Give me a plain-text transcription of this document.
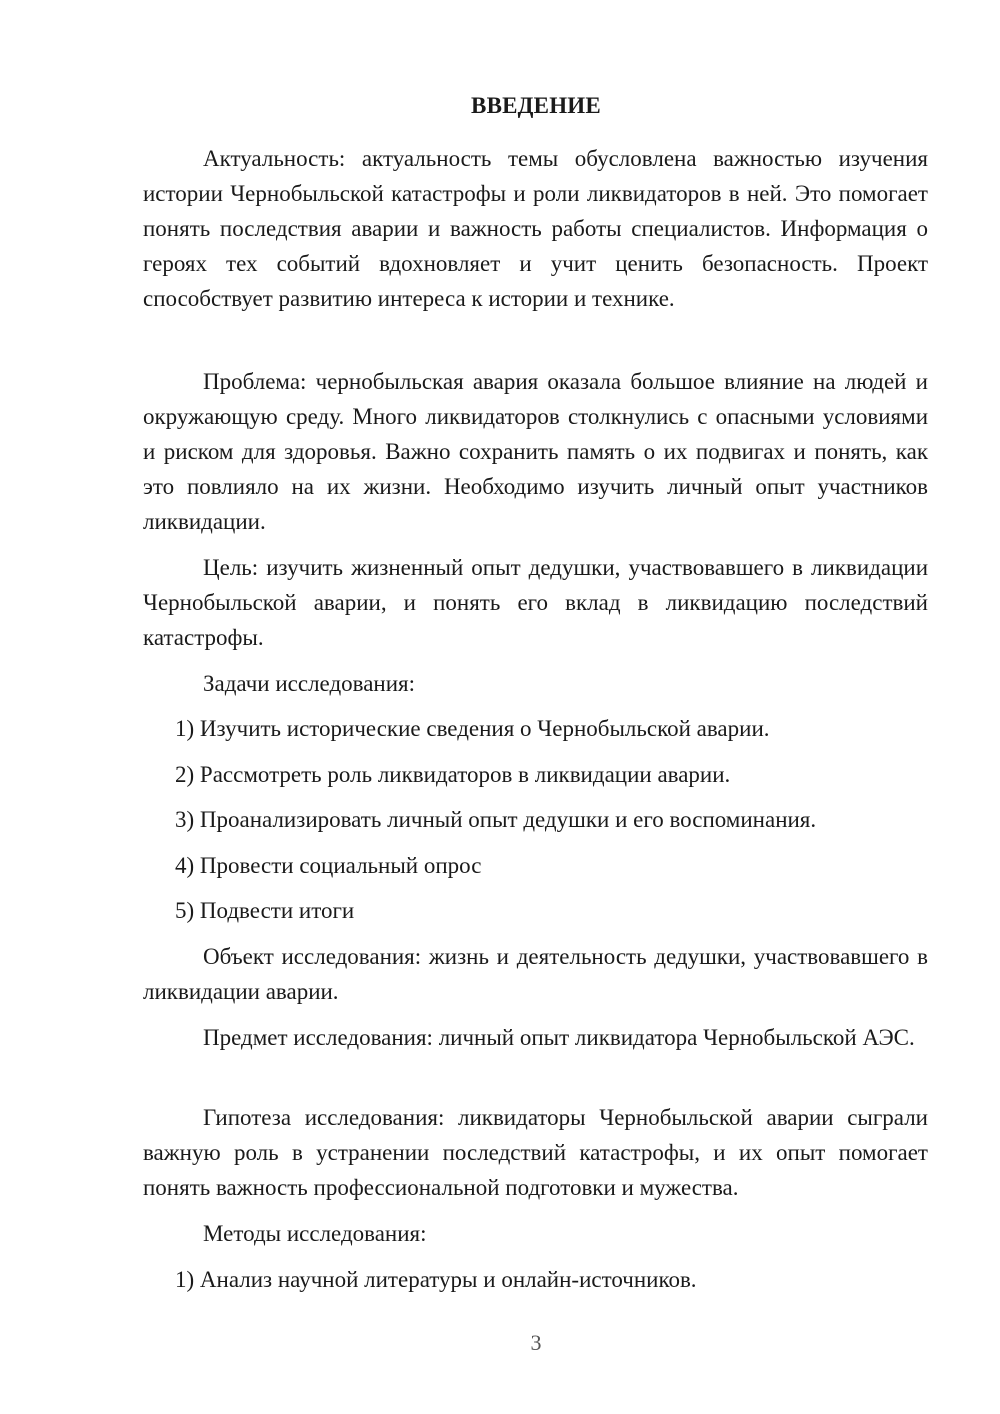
ВВЕДЕНИЕ

Актуальность: актуальность темы обусловлена важностью изучения истории Чернобыльской катастрофы и роли ликвидаторов в ней. Это помогает понять последствия аварии и важность работы специалистов. Информация о героях тех событий вдохновляет и учит ценить безопасность. Проект способствует развитию интереса к истории и технике.

Проблема: чернобыльская авария оказала большое влияние на людей и окружающую среду. Много ликвидаторов столкнулись с опасными условиями и риском для здоровья. Важно сохранить память о их подвигах и понять, как это повлияло на их жизни. Необходимо изучить личный опыт участников ликвидации.

Цель: изучить жизненный опыт дедушки, участвовавшего в ликвидации Чернобыльской аварии, и понять его вклад в ликвидацию последствий катастрофы.

Задачи исследования:

1) Изучить исторические сведения о Чернобыльской аварии.

2) Рассмотреть роль ликвидаторов в ликвидации аварии.

3) Проанализировать личный опыт дедушки и его воспоминания.

4) Провести социальный опрос

5) Подвести итоги

Объект исследования: жизнь и деятельность дедушки, участвовавшего в ликвидации аварии.

Предмет исследования: личный опыт ликвидатора Чернобыльской АЭС.

Гипотеза исследования: ликвидаторы Чернобыльской аварии сыграли важную роль в устранении последствий катастрофы, и их опыт помогает понять важность профессиональной подготовки и мужества.

Методы исследования:

1) Анализ научной литературы и онлайн-источников.

3
